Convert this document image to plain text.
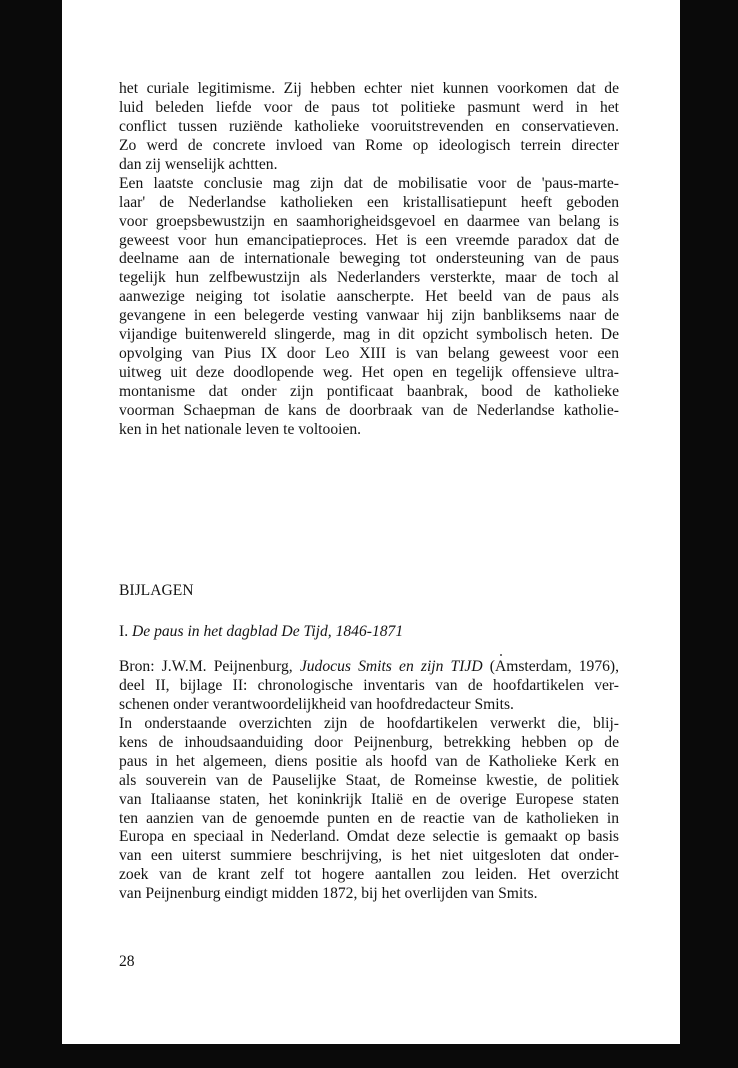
het curiale legitimisme. Zij hebben echter niet kunnen voorkomen dat de
luid beleden liefde voor de paus tot politieke pasmunt werd in het
conflict tussen ruziënde katholieke vooruitstrevenden en conservatieven.
Zo werd de concrete invloed van Rome op ideologisch terrein directer
dan zij wenselijk achtten.
Een laatste conclusie mag zijn dat de mobilisatie voor de 'paus-marte-
laar' de Nederlandse katholieken een kristallisatiepunt heeft geboden
voor groepsbewustzijn en saamhorigheidsgevoel en daarmee van belang is
geweest voor hun emancipatieproces. Het is een vreemde paradox dat de
deelname aan de internationale beweging tot ondersteuning van de paus
tegelijk hun zelfbewustzijn als Nederlanders versterkte, maar de toch al
aanwezige neiging tot isolatie aanscherpte. Het beeld van de paus als
gevangene in een belegerde vesting vanwaar hij zijn banbliksems naar de
vijandige buitenwereld slingerde, mag in dit opzicht symbolisch heten. De
opvolging van Pius IX door Leo XIII is van belang geweest voor een
uitweg uit deze doodlopende weg. Het open en tegelijk offensieve ultra-
montanisme dat onder zijn pontificaat baanbrak, bood de katholieke
voorman Schaepman de kans de doorbraak van de Nederlandse katholie-
ken in het nationale leven te voltooien.
BIJLAGEN
I. De paus in het dagblad De Tijd, 1846-1871
Bron: J.W.M. Peijnenburg, Judocus Smits en zijn TIJD (Amsterdam, 1976),
deel II, bijlage II: chronologische inventaris van de hoofdartikelen ver-
schenen onder verantwoordelijkheid van hoofdredacteur Smits.
In onderstaande overzichten zijn de hoofdartikelen verwerkt die, blij-
kens de inhoudsaanduiding door Peijnenburg, betrekking hebben op de
paus in het algemeen, diens positie als hoofd van de Katholieke Kerk en
als souverein van de Pauselijke Staat, de Romeinse kwestie, de politiek
van Italiaanse staten, het koninkrijk Italië en de overige Europese staten
ten aanzien van de genoemde punten en de reactie van de katholieken in
Europa en speciaal in Nederland. Omdat deze selectie is gemaakt op basis
van een uiterst summiere beschrijving, is het niet uitgesloten dat onder-
zoek van de krant zelf tot hogere aantallen zou leiden. Het overzicht
van Peijnenburg eindigt midden 1872, bij het overlijden van Smits.
28
